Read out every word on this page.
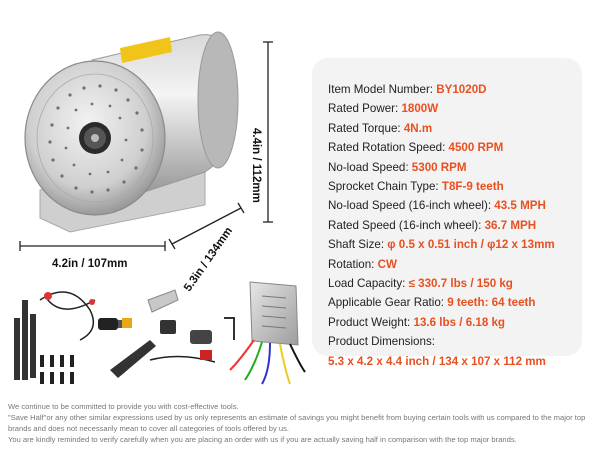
4.4in / 112mm
4.2in / 107mm	5.3in / 134mm
Item Model Number: BY1020D
Rated Power: 1800W
Rated Torque: 4N.m
Rated Rotation Speed: 4500 RPM
No-load Speed: 5300 RPM
Sprocket Chain Type: T8F-9 teeth
No-load Speed (16-inch wheel): 43.5 MPH
Rated Speed (16-inch wheel): 36.7 MPH
Shaft Size: φ 0.5 x 0.51 inch / φ12 x 13mm
Rotation: CW
Load Capacity: ≤ 330.7 lbs / 150 kg
Applicable Gear Ratio: 9 teeth: 64 teeth
Product Weight: 13.6 lbs / 6.18 kg
Product Dimensions:
5.3 x 4.2 x 4.4 inch / 134 x 107 x 112 mm

We continue to be committed to provide you with cost-effective tools.

"Save Half"or any other similar expressions used by us only represents an estimate of savings you might benefit from buying certain tools with us compared to the major top brands and does not necessarily mean to cover all categories of tools offered by us.

You are kindly reminded to verify carefully when you are placing an order with us if you are actually saving half in comparison with the top major brands.
